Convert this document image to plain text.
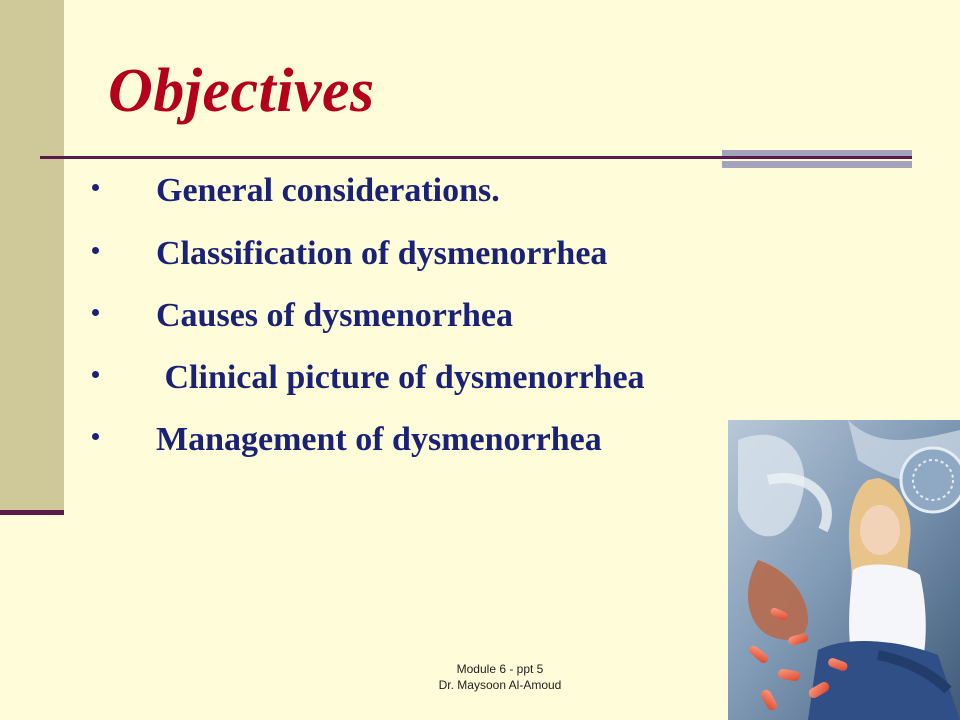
Objectives
General considerations.
Classification of dysmenorrhea
Causes of dysmenorrhea
Clinical picture of dysmenorrhea
Management of dysmenorrhea
Module 6 - ppt 5
Dr. Maysoon Al-Amoud
